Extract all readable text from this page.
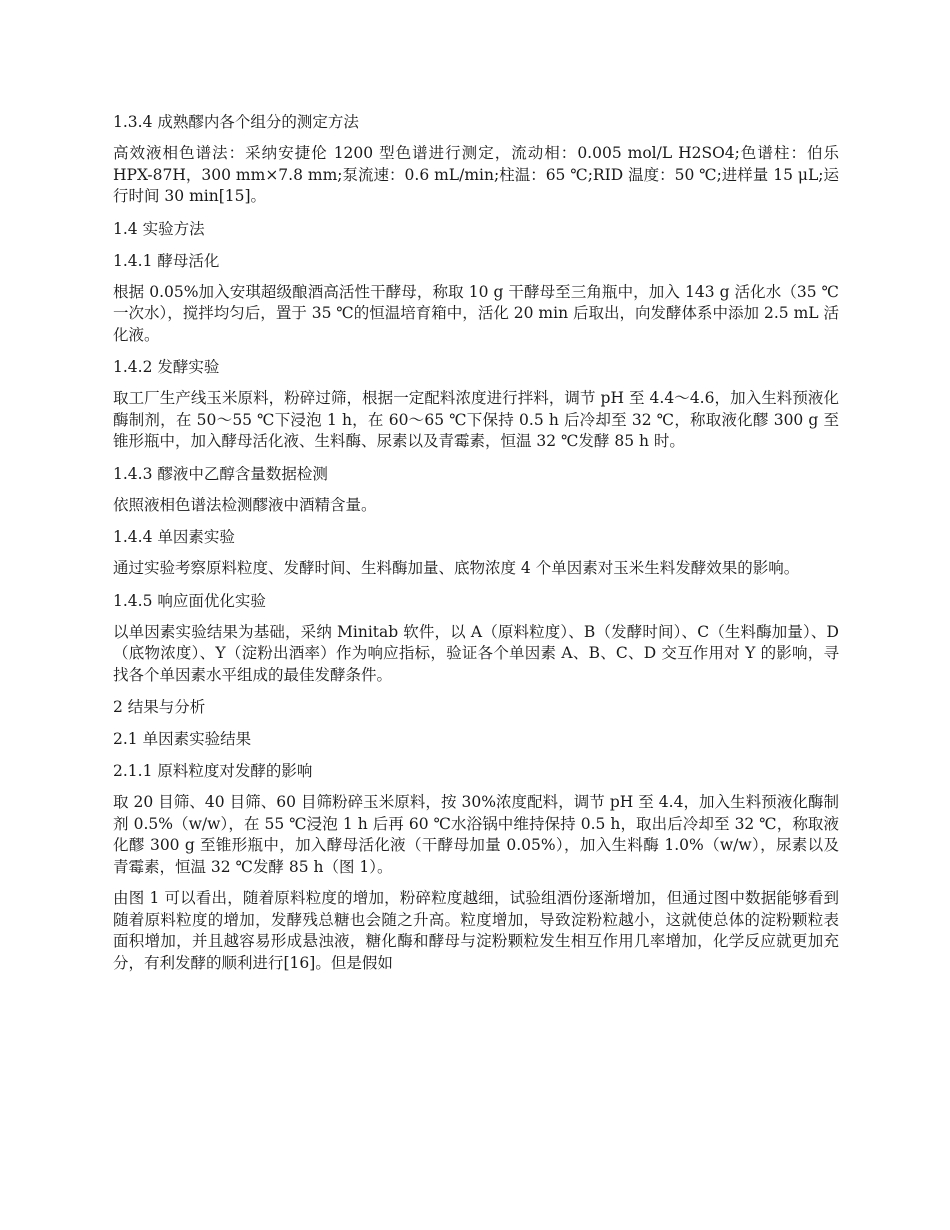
1.3.4 成熟醪内各个组分的测定方法
高效液相色谱法：采纳安捷伦 1200 型色谱进行测定，流动相：0.005 mol/L H2SO4;色谱柱：伯乐 HPX-87H，300 mm×7.8 mm;泵流速：0.6 mL/min;柱温：65 ℃;RID 温度：50 ℃;进样量 15 μL;运行时间 30 min[15]。
1.4 实验方法
1.4.1 酵母活化
根据 0.05%加入安琪超级酿酒高活性干酵母，称取 10 g 干酵母至三角瓶中，加入 143 g 活化水（35 ℃一次水），搅拌均匀后，置于 35 ℃的恒温培育箱中，活化 20 min 后取出，向发酵体系中添加 2.5 mL 活化液。
1.4.2 发酵实验
取工厂生产线玉米原料，粉碎过筛，根据一定配料浓度进行拌料，调节 pH 至 4.4～4.6，加入生料预液化酶制剂，在 50～55 ℃下浸泡 1 h，在 60～65 ℃下保持 0.5 h 后冷却至 32 ℃，称取液化醪 300 g 至锥形瓶中，加入酵母活化液、生料酶、尿素以及青霉素，恒温 32 ℃发酵 85 h 时。
1.4.3 醪液中乙醇含量数据检测
依照液相色谱法检测醪液中酒精含量。
1.4.4 单因素实验
通过实验考察原料粒度、发酵时间、生料酶加量、底物浓度 4 个单因素对玉米生料发酵效果的影响。
1.4.5 响应面优化实验
以单因素实验结果为基础，采纳 Minitab 软件，以 A（原料粒度）、B（发酵时间）、C（生料酶加量）、D（底物浓度）、Y（淀粉出酒率）作为响应指标，验证各个单因素 A、B、C、D 交互作用对 Y 的影响，寻找各个单因素水平组成的最佳发酵条件。
2 结果与分析
2.1 单因素实验结果
2.1.1 原料粒度对发酵的影响
取 20 目筛、40 目筛、60 目筛粉碎玉米原料，按 30%浓度配料，调节 pH 至 4.4，加入生料预液化酶制剂 0.5%（w/w），在 55 ℃浸泡 1 h 后再 60 ℃水浴锅中维持保持 0.5 h，取出后冷却至 32 ℃，称取液化醪 300 g 至锥形瓶中，加入酵母活化液（干酵母加量 0.05%），加入生料酶 1.0%（w/w），尿素以及青霉素，恒温 32 ℃发酵 85 h（图 1）。
由图 1 可以看出，随着原料粒度的增加，粉碎粒度越细，试验组酒份逐渐增加，但通过图中数据能够看到随着原料粒度的增加，发酵残总糖也会随之升高。粒度增加，导致淀粉粒越小，这就使总体的淀粉颗粒表面积增加，并且越容易形成悬浊液，糖化酶和酵母与淀粉颗粒发生相互作用几率增加，化学反应就更加充分，有利发酵的顺利进行[16]。但是假如
